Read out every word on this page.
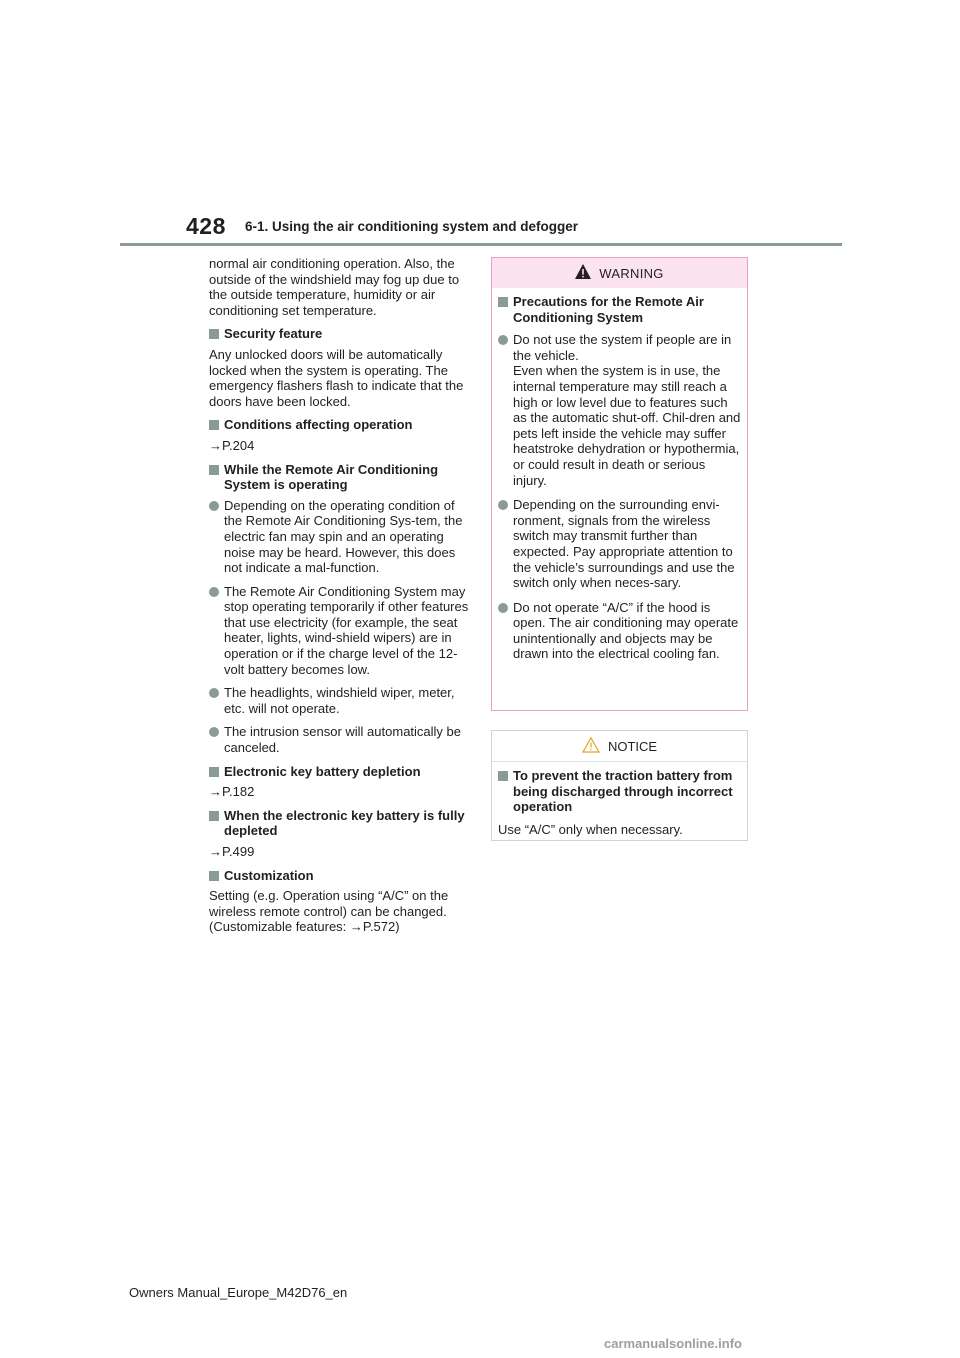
428 6-1. Using the air conditioning system and defogger

normal air conditioning operation. Also, the outside of the windshield may fog up due to the outside temperature, humidity or air conditioning set temperature.

Security feature

Any unlocked doors will be automatically locked when the system is operating. The emergency flashers flash to indicate that the doors have been locked.

Conditions affecting operation

→P.204

While the Remote Air Conditioning System is operating
Depending on the operating condition of the Remote Air Conditioning Sys-tem, the electric fan may spin and an operating noise may be heard. However, this does not indicate a mal-function.
The Remote Air Conditioning System may stop operating temporarily if other features that use electricity (for example, the seat heater, lights, wind-shield wipers) are in operation or if the charge level of the 12-volt battery becomes low.
The headlights, windshield wiper, meter, etc. will not operate.
The intrusion sensor will automatically be canceled.
Electronic key battery depletion

→P.182

When the electronic key battery is fully depleted

→P.499

Customization

Setting (e.g. Operation using “A/C” on the wireless remote control) can be changed. (Customizable features: →P.572)

WARNING
Precautions for the Remote Air Conditioning System
Do not use the system if people are in the vehicle.
Even when the system is in use, the internal temperature may still reach a high or low level due to features such as the automatic shut-off. Chil-dren and pets left inside the vehicle may suffer heatstroke dehydration or hypothermia, or could result in death or serious injury.
Depending on the surrounding envi-ronment, signals from the wireless switch may transmit further than expected. Pay appropriate attention to the vehicle’s surroundings and use the switch only when neces-sary.
Do not operate “A/C” if the hood is open. The air conditioning may operate unintentionally and objects may be drawn into the electrical cooling fan.
NOTICE
To prevent the traction battery from being discharged through incorrect operation

Use “A/C” only when necessary.

Owners Manual_Europe_M42D76_en
carmanualsonline.info
